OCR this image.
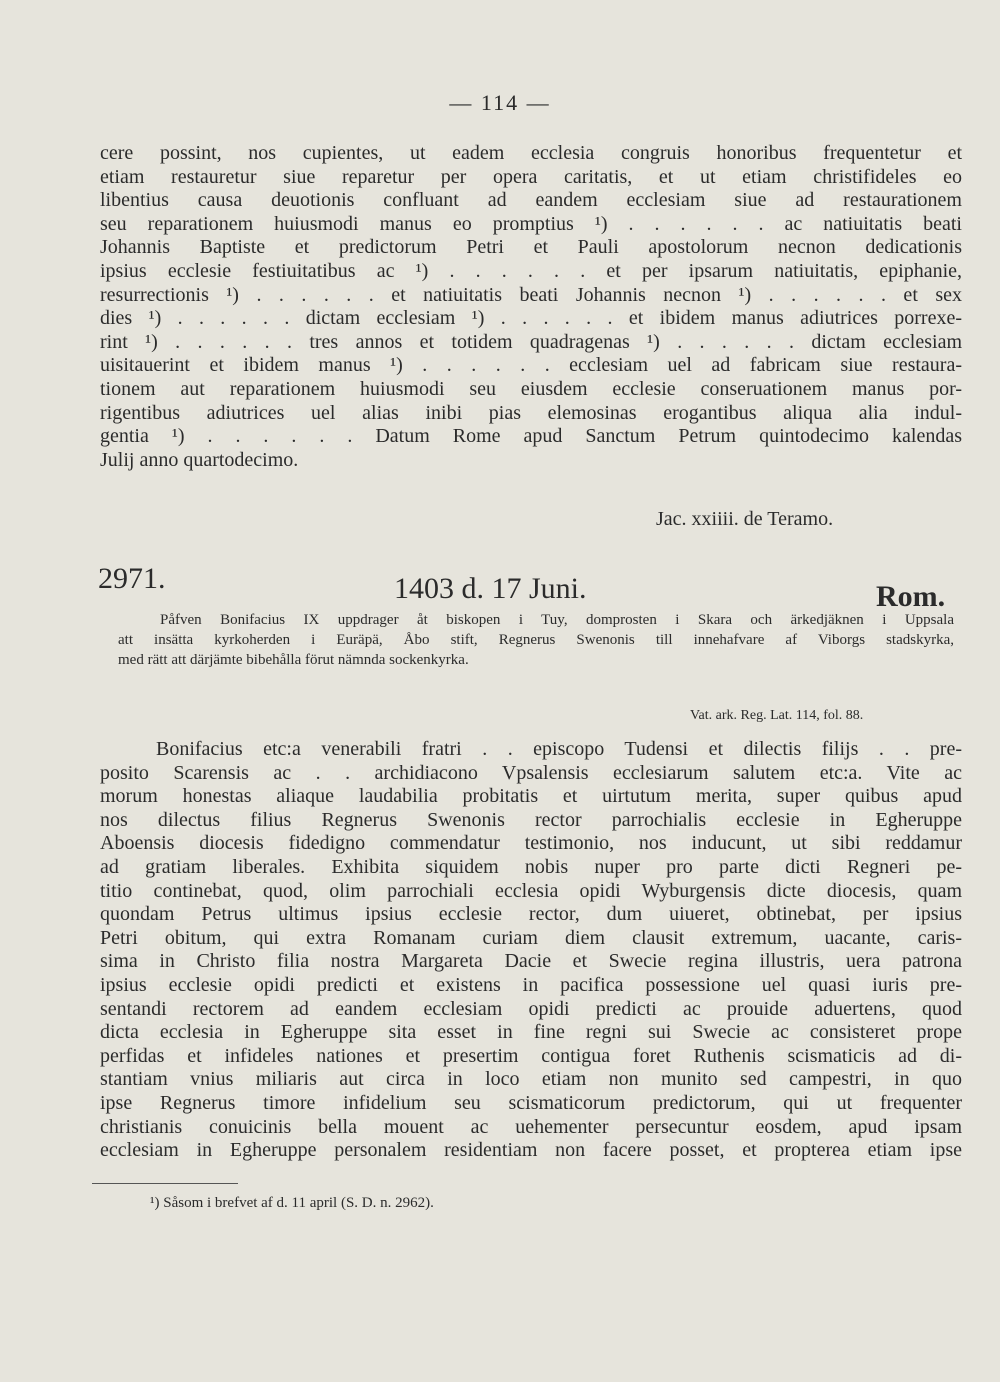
— 114 —
cere possint, nos cupientes, ut eadem ecclesia congruis honoribus frequentetur et
etiam restauretur siue reparetur per opera caritatis, et ut etiam christifideles eo
libentius causa deuotionis confluant ad eandem ecclesiam siue ad restaurationem
seu reparationem huiusmodi manus eo promptius ¹) . . . . . . ac natiuitatis beati
Johannis Baptiste et predictorum Petri et Pauli apostolorum necnon dedicationis
ipsius ecclesie festiuitatibus ac ¹) . . . . . . et per ipsarum natiuitatis, epiphanie,
resurrectionis ¹) . . . . . . et natiuitatis beati Johannis necnon ¹) . . . . . . et sex
dies ¹) . . . . . . dictam ecclesiam ¹) . . . . . . et ibidem manus adiutrices porrexe-
rint ¹) . . . . . . tres annos et totidem quadragenas ¹) . . . . . . dictam ecclesiam
uisitauerint et ibidem manus ¹) . . . . . . ecclesiam uel ad fabricam siue restaura-
tionem aut reparationem huiusmodi seu eiusdem ecclesie conseruationem manus por-
rigentibus adiutrices uel alias inibi pias elemosinas erogantibus aliqua alia indul-
gentia ¹) . . . . . . Datum Rome apud Sanctum Petrum quintodecimo kalendas
Julij anno quartodecimo.
Jac. xxiiii. de Teramo.
2971.	1403 d. 17 Juni.	Rom.
Påfven Bonifacius IX uppdrager åt biskopen i Tuy, domprosten i Skara och ärkedjäknen i Uppsala
att insätta kyrkoherden i Euräpä, Åbo stift, Regnerus Swenonis till innehafvare af Viborgs stadskyrka,
med rätt att därjämte bibehålla förut nämnda sockenkyrka.
Vat. ark. Reg. Lat. 114, fol. 88.
Bonifacius etc:a venerabili fratri . . episcopo Tudensi et dilectis filijs . . pre-
posito Scarensis ac . . archidiacono Vpsalensis ecclesiarum salutem etc:a. Vite ac
morum honestas aliaque laudabilia probitatis et uirtutum merita, super quibus apud
nos dilectus filius Regnerus Swenonis rector parrochialis ecclesie in Egheruppe
Aboensis diocesis fidedigno commendatur testimonio, nos inducunt, ut sibi reddamur
ad gratiam liberales. Exhibita siquidem nobis nuper pro parte dicti Regneri pe-
titio continebat, quod, olim parrochiali ecclesia opidi Wyburgensis dicte diocesis, quam
quondam Petrus ultimus ipsius ecclesie rector, dum uiueret, obtinebat, per ipsius
Petri obitum, qui extra Romanam curiam diem clausit extremum, uacante, caris-
sima in Christo filia nostra Margareta Dacie et Swecie regina illustris, uera patrona
ipsius ecclesie opidi predicti et existens in pacifica possessione uel quasi iuris pre-
sentandi rectorem ad eandem ecclesiam opidi predicti ac prouide aduertens, quod
dicta ecclesia in Egheruppe sita esset in fine regni sui Swecie ac consisteret prope
perfidas et infideles nationes et presertim contigua foret Ruthenis scismaticis ad di-
stantiam vnius miliaris aut circa in loco etiam non munito sed campestri, in quo
ipse Regnerus timore infidelium seu scismaticorum predictorum, qui ut frequenter
christianis conuicinis bella mouent ac uehementer persecuntur eosdem, apud ipsam
ecclesiam in Egheruppe personalem residentiam non facere posset, et propterea etiam ipse
¹) Såsom i brefvet af d. 11 april (S. D. n. 2962).
